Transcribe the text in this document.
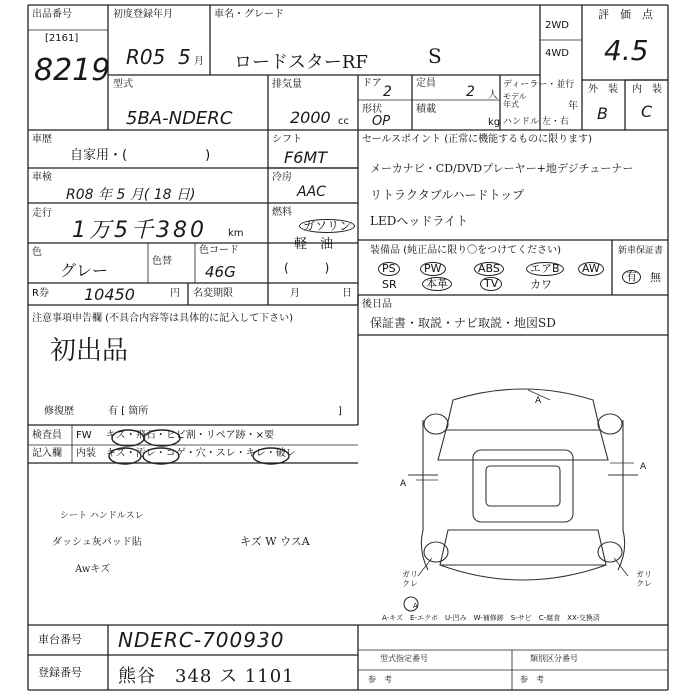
出品番号
[2161]
8219
初度登録年月
R05 5 月
車名・グレード
ロードスターRF	S
2WD
4WD
評　価　点
4.5
外　装 内　装
B C
型式
5BA-NDERC
排気量
2000 cc
ドア
2
定員
2 人
形状
OP
積載
kg
ディーラー・並行
モデル年式	年
ハンドル 左・右
車歴
自家用・(　　　　　　)
車検
R08 年 5 月( 18 日)
走行
1万5千380 km
色
グレー	色替
色コード
46G
シフト
F6MT
冷房
AAC
燃料
ガソリン
軽　油
(　　　)
R券 10450	円 名変期限	月	日
セールスポイント (正常に機能するものに限ります)
メーカナビ・CD/DVDプレーヤー+地デジチューナー
リトラクタブルハードトップ
LEDヘッドライト
装備品 (純正品に限り〇をつけてください)	新車保証書
PS	PW	ABS	エアB	AW
SR	本革	TV	カワ
有	無
後日品
保証書・取説・ナビ取説・地図SD
注意事項申告欄 (不具合内容等は具体的に記入して下さい)
初出品
修復歴	有 [ 箇所	]
検査員
記入欄
FW キズ・飛石・ヒビ割・リペア跡・×要
内装 キズ・汚レ・コゲ・穴・スレ・キレ・破レ
シート ハンドルスレ
ダッシュ灰パッド貼
Awキズ
キズ W ウスA
A
A
A
ガリ
クレ
ガリ
クレ
A
A-キズ　E-エクボ　U-凹み　W-補修跡　S-サビ　C-腐食　XX-交換済
車台番号 NDERC-700930
登録番号 熊谷　348 ス 1101
型式指定番号	類別区分番号
参　考	参　考
